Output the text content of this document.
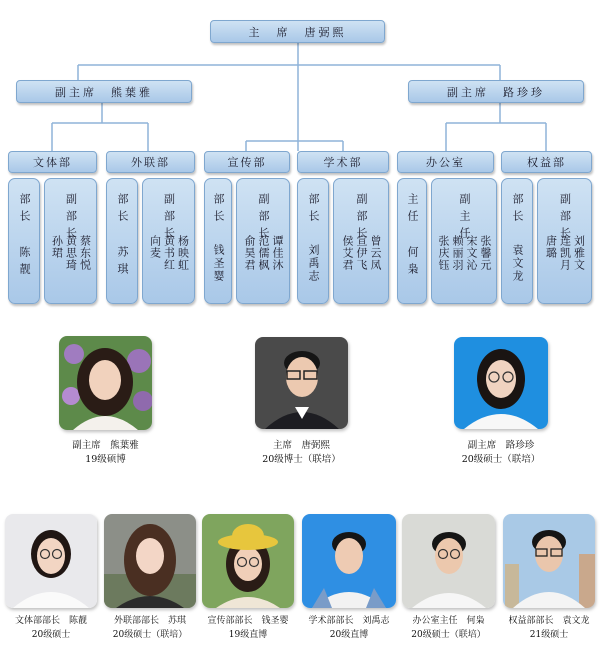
主　席　唐弼熙
副主席　熊葉雅	副主席　路珍珍
文体部	外联部	宣传部	学术部	办公室	权益部
部长
陈靓
副部长
蔡东悦
黄思琦
孙珺
部长
苏琪
副部长
杨映虹
黄书红
向麦
部长
钱圣婴
副部长
谭佳沐
范儒枫
俞昊君
部长
刘禹志
副部长
曾云凤
宣伊飞
侯艾君
主任
何枭
副主任
张馨元
宋文沁
赖丽羽
张庆钰
部长
袁文龙
副部长
刘雅文
连凯月
唐璐
副主席　熊葉雅
19级硕博
主席　唐弼熙
20级博士（联培）
副主席　路珍珍
20级硕士（联培）
文体部部长　陈靓
20级硕士
外联部部长　苏琪
20级硕士（联培）
宣传部部长　钱圣婴
19级直博
学术部部长　刘禹志
20级直博
办公室主任　何枭
20级硕士（联培）
权益部部长　袁文龙
21级硕士
